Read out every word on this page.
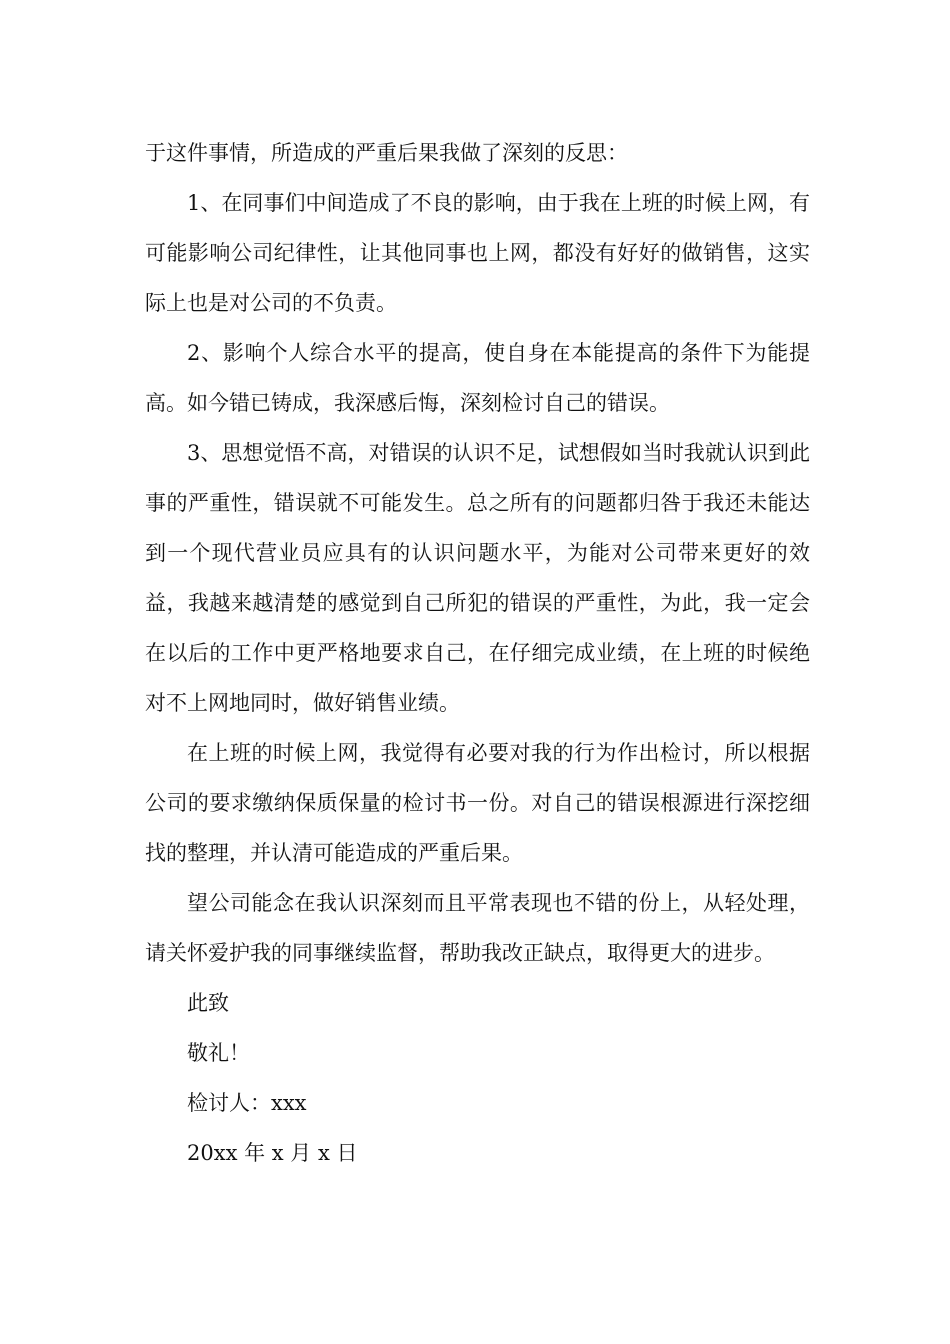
于这件事情，所造成的严重后果我做了深刻的反思：

1、在同事们中间造成了不良的影响，由于我在上班的时候上网，有可能影响公司纪律性，让其他同事也上网，都没有好好的做销售，这实际上也是对公司的不负责。

2、影响个人综合水平的提高，使自身在本能提高的条件下为能提高。如今错已铸成，我深感后悔，深刻检讨自己的错误。

3、思想觉悟不高，对错误的认识不足，试想假如当时我就认识到此事的严重性，错误就不可能发生。总之所有的问题都归咎于我还未能达到一个现代营业员应具有的认识问题水平，为能对公司带来更好的效益，我越来越清楚的感觉到自己所犯的错误的严重性，为此，我一定会在以后的工作中更严格地要求自己，在仔细完成业绩，在上班的时候绝对不上网地同时，做好销售业绩。

在上班的时候上网，我觉得有必要对我的行为作出检讨，所以根据公司的要求缴纳保质保量的检讨书一份。对自己的错误根源进行深挖细找的整理，并认清可能造成的严重后果。

望公司能念在我认识深刻而且平常表现也不错的份上，从轻处理，请关怀爱护我的同事继续监督，帮助我改正缺点，取得更大的进步。

此致

敬礼！

检讨人：xxx

20xx 年 x 月 x 日
